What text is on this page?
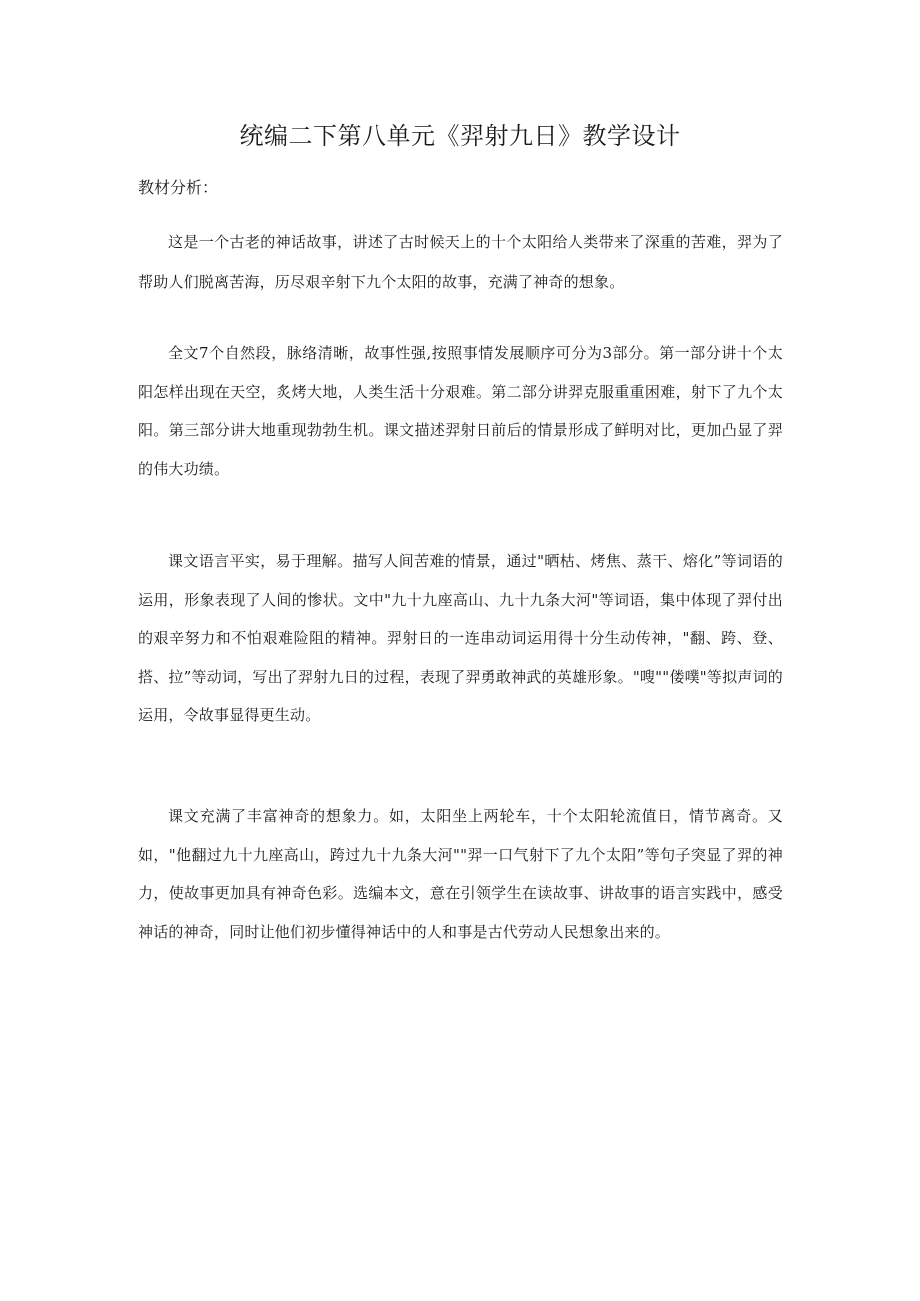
统编二下第八单元《羿射九日》教学设计
教材分析：

这是一个古老的神话故事，讲述了古时候天上的十个太阳给人类带来了深重的苦难，羿为了帮助人们脱离苦海，历尽艰辛射下九个太阳的故事，充满了神奇的想象。

全文7个自然段，脉络清晰，故事性强,按照事情发展顺序可分为3部分。第一部分讲十个太阳怎样出现在天空，炙烤大地，人类生活十分艰难。第二部分讲羿克服重重困难，射下了九个太阳。第三部分讲大地重现勃勃生机。课文描述羿射日前后的情景形成了鲜明对比，更加凸显了羿的伟大功绩。

课文语言平实，易于理解。描写人间苦难的情景，通过"晒枯、烤焦、蒸干、熔化”等词语的运用，形象表现了人间的惨状。文中"九十九座高山、九十九条大河"等词语，集中体现了羿付出的艰辛努力和不怕艰难险阻的精神。羿射日的一连串动词运用得十分生动传神，"翻、跨、登、搭、拉”等动词，写出了羿射九日的过程，表现了羿勇敢神武的英雄形象。"嗖""偻噗"等拟声词的运用，令故事显得更生动。

课文充满了丰富神奇的想象力。如，太阳坐上两轮车，十个太阳轮流值日，情节离奇。又如，"他翻过九十九座高山，跨过九十九条大河""羿一口气射下了九个太阳”等句子突显了羿的神力，使故事更加具有神奇色彩。选编本文，意在引领学生在读故事、讲故事的语言实践中，感受神话的神奇，同时让他们初步懂得神话中的人和事是古代劳动人民想象出来的。
